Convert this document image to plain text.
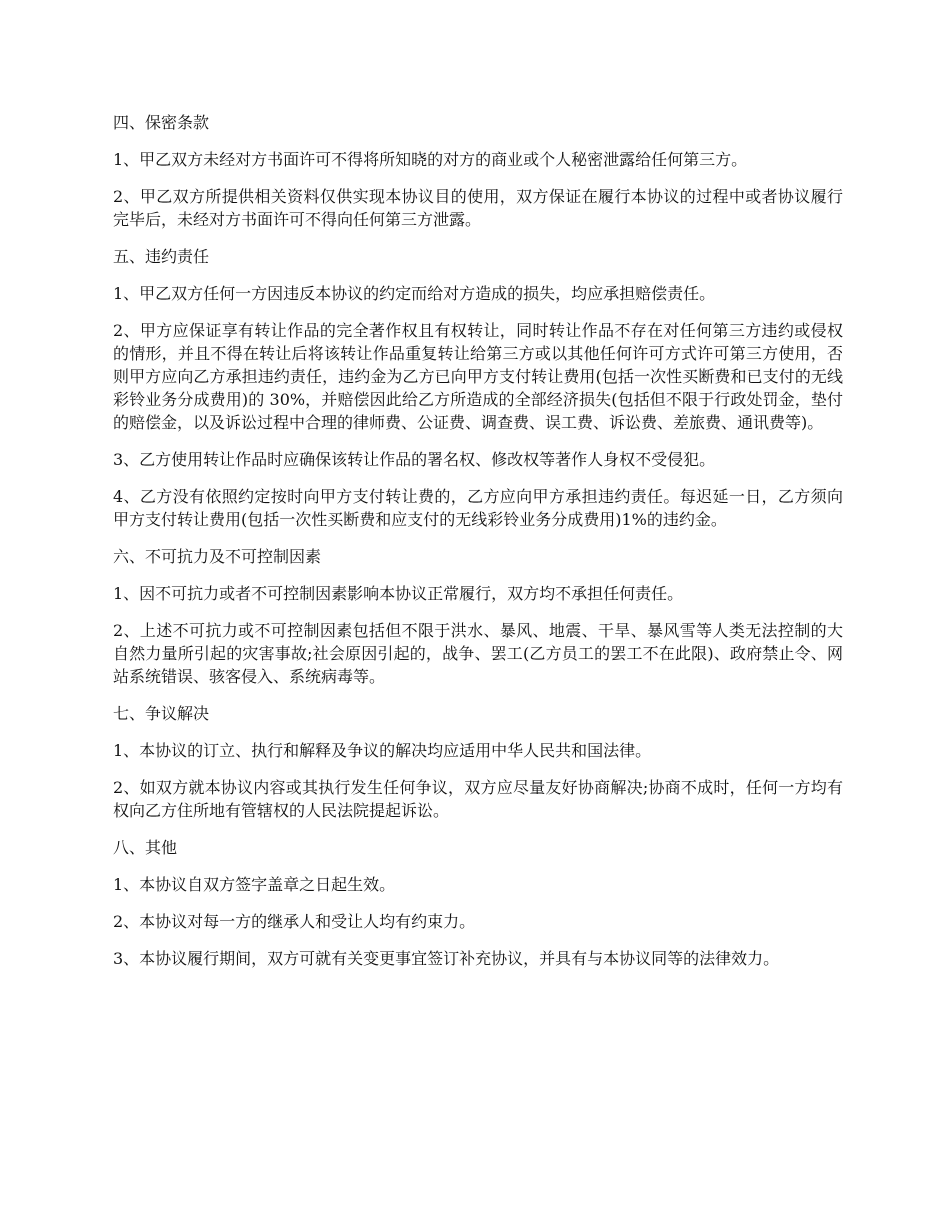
四、保密条款

1、甲乙双方未经对方书面许可不得将所知晓的对方的商业或个人秘密泄露给任何第三方。

2、甲乙双方所提供相关资料仅供实现本协议目的使用，双方保证在履行本协议的过程中或者协议履行完毕后，未经对方书面许可不得向任何第三方泄露。

五、违约责任

1、甲乙双方任何一方因违反本协议的约定而给对方造成的损失，均应承担赔偿责任。

2、甲方应保证享有转让作品的完全著作权且有权转让，同时转让作品不存在对任何第三方违约或侵权的情形，并且不得在转让后将该转让作品重复转让给第三方或以其他任何许可方式许可第三方使用，否则甲方应向乙方承担违约责任，违约金为乙方已向甲方支付转让费用(包括一次性买断费和已支付的无线彩铃业务分成费用)的 30%，并赔偿因此给乙方所造成的全部经济损失(包括但不限于行政处罚金，垫付的赔偿金，以及诉讼过程中合理的律师费、公证费、调查费、误工费、诉讼费、差旅费、通讯费等)。

3、乙方使用转让作品时应确保该转让作品的署名权、修改权等著作人身权不受侵犯。

4、乙方没有依照约定按时向甲方支付转让费的，乙方应向甲方承担违约责任。每迟延一日，乙方须向甲方支付转让费用(包括一次性买断费和应支付的无线彩铃业务分成费用)1%的违约金。

六、不可抗力及不可控制因素

1、因不可抗力或者不可控制因素影响本协议正常履行，双方均不承担任何责任。

2、上述不可抗力或不可控制因素包括但不限于洪水、暴风、地震、干旱、暴风雪等人类无法控制的大自然力量所引起的灾害事故;社会原因引起的，战争、罢工(乙方员工的罢工不在此限)、政府禁止令、网站系统错误、骇客侵入、系统病毒等。

七、争议解决

1、本协议的订立、执行和解释及争议的解决均应适用中华人民共和国法律。

2、如双方就本协议内容或其执行发生任何争议，双方应尽量友好协商解决;协商不成时，任何一方均有权向乙方住所地有管辖权的人民法院提起诉讼。

八、其他

1、本协议自双方签字盖章之日起生效。

2、本协议对每一方的继承人和受让人均有约束力。

3、本协议履行期间，双方可就有关变更事宜签订补充协议，并具有与本协议同等的法律效力。
